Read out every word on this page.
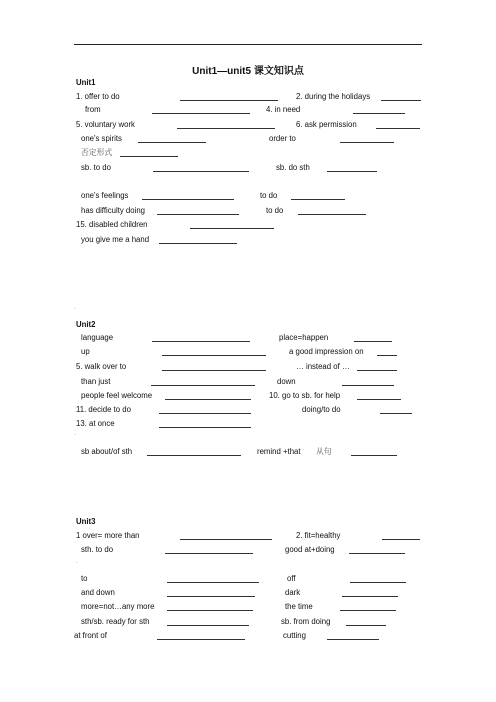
Unit1—unit5 课文知识点
Unit1
1. offer to do	2. during the holidays
from	4. in need
5. voluntary work	6. ask permission
one's spirits	order to
否定形式
sb. to do	sb. do sth
one's feelings	to do
has difficulty doing	to do
15. disabled children
you give me a hand
·
Unit2
language	place=happen
up	a good impression on
5. walk over to	… instead of …
than just	down
people feel welcome	10. go to sb. for help
11. decide to do	doing/to do
13. at once
·
sb about/of sth	remind +that 从句
Unit3
1 over= more than	2. fit=healthy
sth. to do	good at+doing
·
to	off
and down	dark
more=not…any more	the time
sth/sb. ready for sth	sb. from doing
at front of	cutting
